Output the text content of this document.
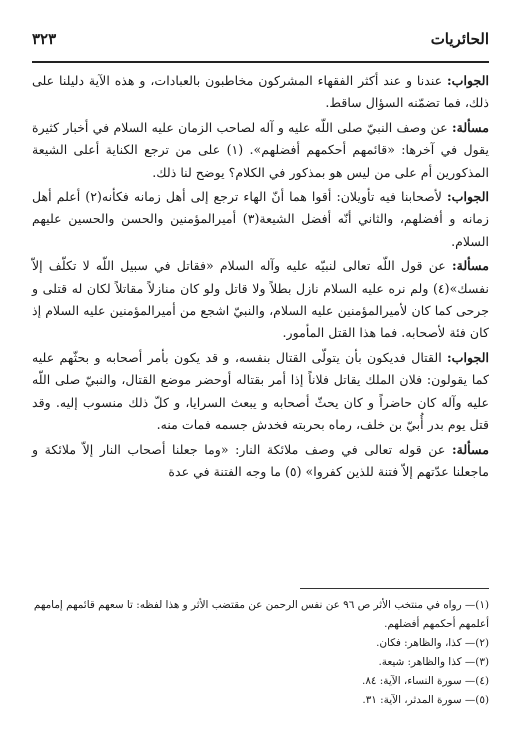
الحائريات
٣٢٣

الجواب: عندنا و عند أكثر الفقهاء المشركون مخاطبون بالعبادات، و هذه الآية دليلنا على ذلك، فما تضمّنه السؤال ساقط.

مسألة: عن وصف النبيّ صلى اللّه عليه و آله لصاحب الزمان عليه السلام في أخبار كثيرة يقول في آخرها: «قائمهم أحكمهم أفضلهم». (١) على من ترجع الكناية أعلى الشيعة المذكورين أم على من ليس هو بمذكور في الكلام؟ يوضح لنا ذلك.

الجواب: لأصحابنا فيه تأويلان: أقوا هما أنّ الهاء ترجع إلى أهل زمانه فكأنه(٢) أعلم أهل زمانه و أفضلهم، والثاني أنّه أفضل الشيعة(٣) أميرالمؤمنين والحسن والحسين عليهم السلام.

مسألة: عن قول اللّه تعالى لنبيّه عليه وآله السلام «فقاتل في سبيل اللّه لا تكلّف إلاّ نفسك»(٤) ولم نره عليه السلام نازل بطلاً ولا قاتل ولو كان منازلاً مقاتلاً لكان له قتلى و جرحى كما كان لأميرالمؤمنين عليه السلام، والنبيّ اشجع من أميرالمؤمنين عليه السلام إذ كان فئة لأصحابه. فما هذا القتل المأمور.

الجواب: القتال فديكون بأن يتولّى القتال بنفسه، و قد يكون بأمر أصحابه و بحثّهم عليه كما يقولون: فلان الملك يقاتل فلاناً إذا أمر بقتاله أوحضر موضع القتال، والنبيّ صلى اللّه عليه وآله كان حاضراً و كان يحثّ أصحابه و يبعث السرايا، و كلّ ذلك منسوب إليه. وقد قتل يوم بدر أُبيّ بن خلف، رماه بحربته فخدش جسمه فمات منه.

مسألة: عن قوله تعالى في وصف ملائكة النار: «وما جعلنا أصحاب النار إلاّ ملائكة و ماجعلنا عدّتهم إلاّ فتنة للذين كفروا» (٥) ما وجه الفتنة في عدة

(١)— رواه في منتخب الأثر ص ٩٦ عن نفس الرحمن عن مقتضب الأثر و هذا لفظه: تا سعهم قائمهم إمامهم أعلمهم أحكمهم أفضلهم.

(٢)— كذا، والظاهر: فكان.

(٣)— كذا والظاهر: شيعة.

(٤)— سورة النساء، الآية: ٨٤.

(٥)— سورة المدثر، الآية: ٣١.
